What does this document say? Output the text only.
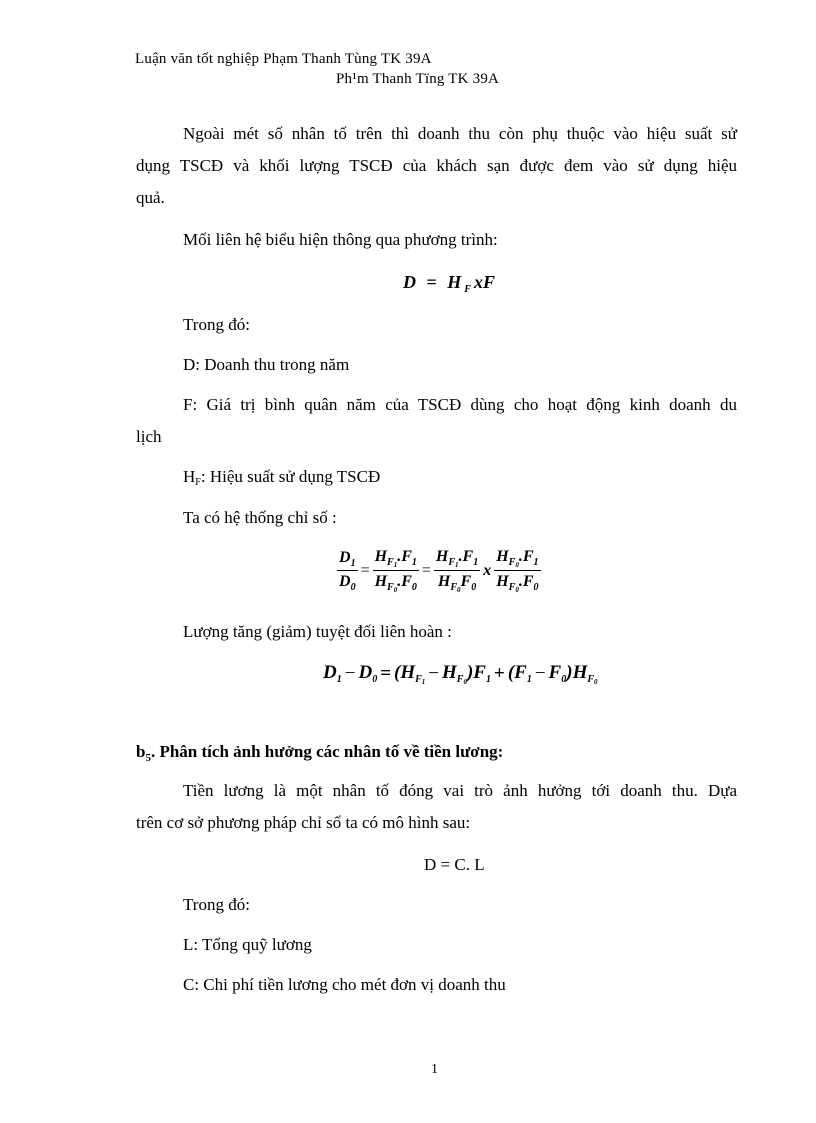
Luận văn tốt nghiệp Phạm Thanh Tùng TK 39A
Ph¹m Thanh Tïng TK 39A
Ngoài mét số nhân tố trên thì doanh thu còn phụ thuộc vào hiệu suất sử
dụng TSCĐ và khối lượng TSCĐ của khách sạn được đem vào sử dụng hiệu
quả.
Mối liên hệ biểu hiện thông qua phương trình:
D = H $_F$ xF
Trong đó:
D: Doanh thu trong năm
F: Giá trị bình quân năm của TSCĐ dùng cho hoạt động kinh doanh du
lịch
HF: Hiệu suất sử dụng TSCĐ
Ta có hệ thống chỉ số :
$\frac{D_1}{D_0} = \frac{H_{F_1}.F_1}{H_{F_0}.F_0} = \frac{H_{F_1}.F_1}{H_{F_0}F_0}$ x $\frac{H_{F_0}.F_1}{H_{F_0}.F_0}$
Lượng tăng (giảm) tuyệt đối liên hoàn :
$D_1 - D_0 = (H_{F_1} - H_{F_0})F_1 + (F_1 - F_0)H_{F_0}$
$b_5$. Phân tích ảnh hưởng các nhân tố về tiền lương:
Tiền lương là một nhân tố đóng vai trò ảnh hưởng tới doanh thu. Dựa
trên cơ sở phương pháp chỉ số ta có mô hình sau:
D = C. L
Trong đó:
L: Tổng quỹ lương
C: Chi phí tiền lương cho mét đơn vị doanh thu
1
